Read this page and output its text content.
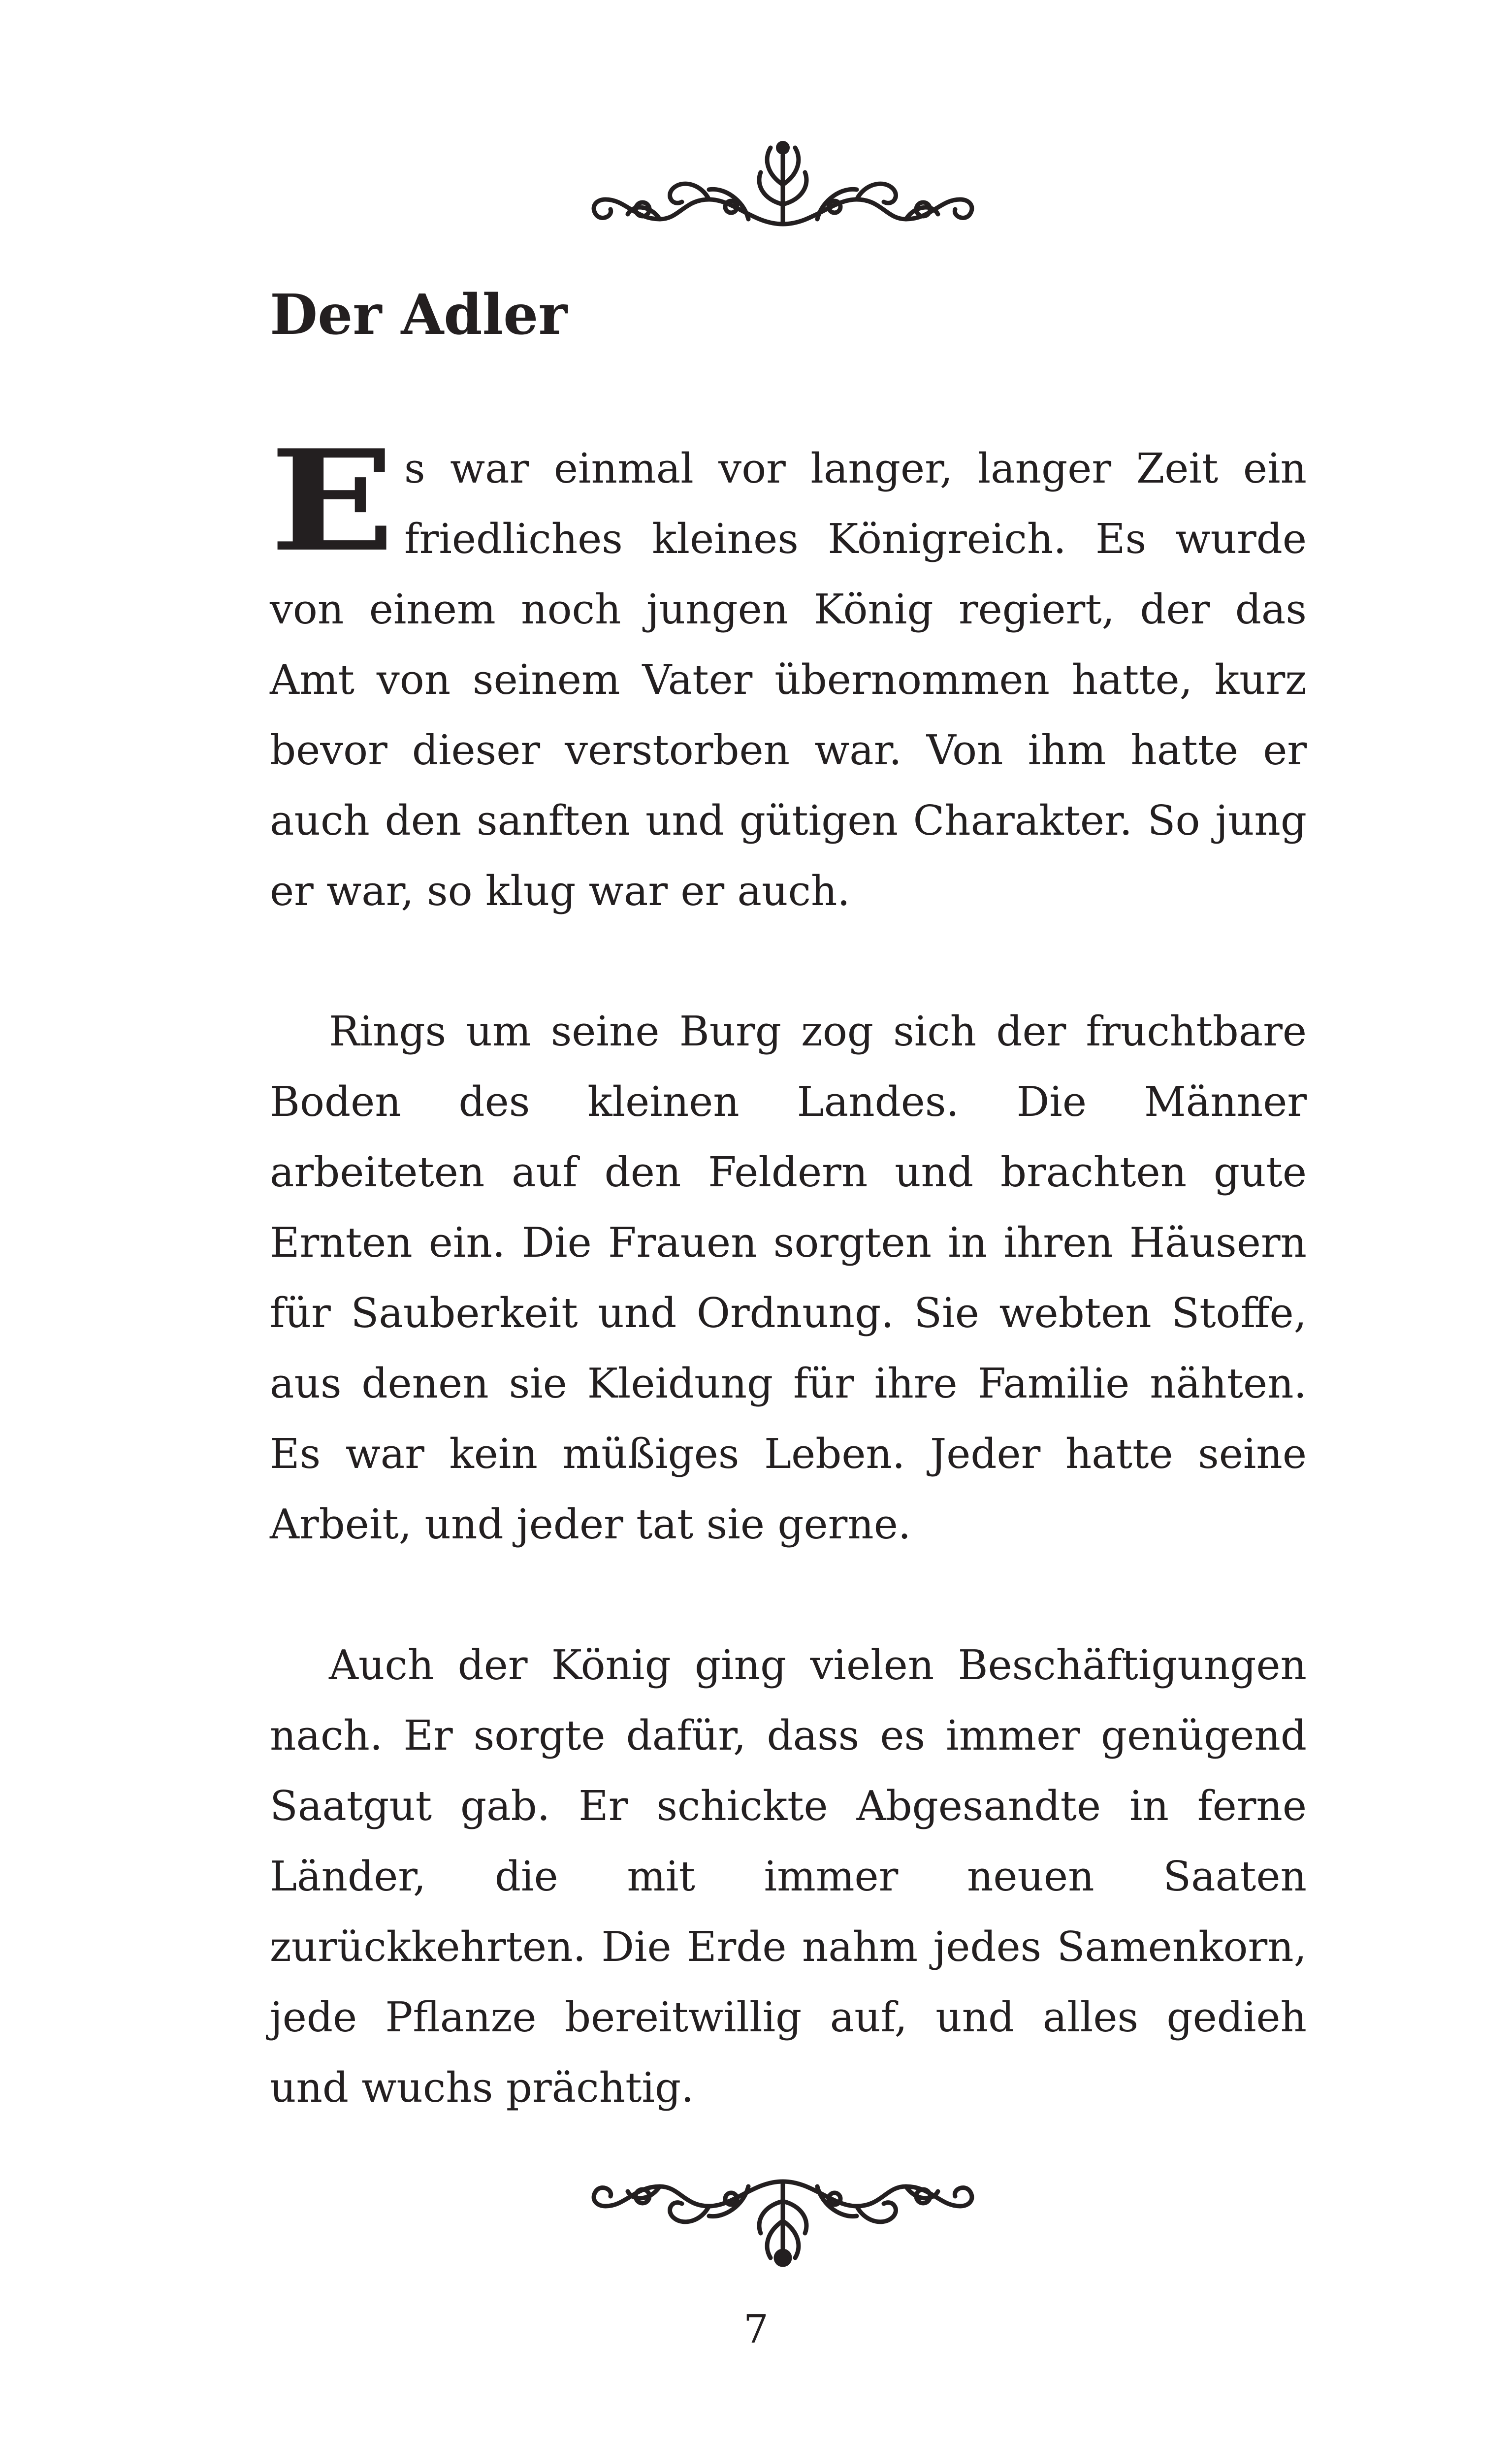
Der Adler

Es war einmal vor langer, langer Zeit ein friedliches kleines Königreich. Es wurde von einem noch jungen König regiert, der das Amt von seinem Vater übernommen hatte, kurz bevor dieser verstorben war. Von ihm hatte er auch den sanften und gütigen Charakter. So jung er war, so klug war er auch.

Rings um seine Burg zog sich der fruchtbare Boden des kleinen Landes. Die Männer arbeiteten auf den Feldern und brachten gute Ernten ein. Die Frauen sorgten in ihren Häusern für Sauberkeit und Ordnung. Sie webten Stoffe, aus denen sie Kleidung für ihre Familie nähten. Es war kein müßiges Leben. Jeder hatte seine Arbeit, und jeder tat sie gerne.

Auch der König ging vielen Beschäftigungen nach. Er sorgte dafür, dass es immer genügend Saatgut gab. Er schickte Abgesandte in ferne Länder, die mit immer neuen Saaten zurückkehrten. Die Erde nahm jedes Samenkorn, jede Pflanze bereitwillig auf, und alles gedieh und wuchs prächtig.

7
